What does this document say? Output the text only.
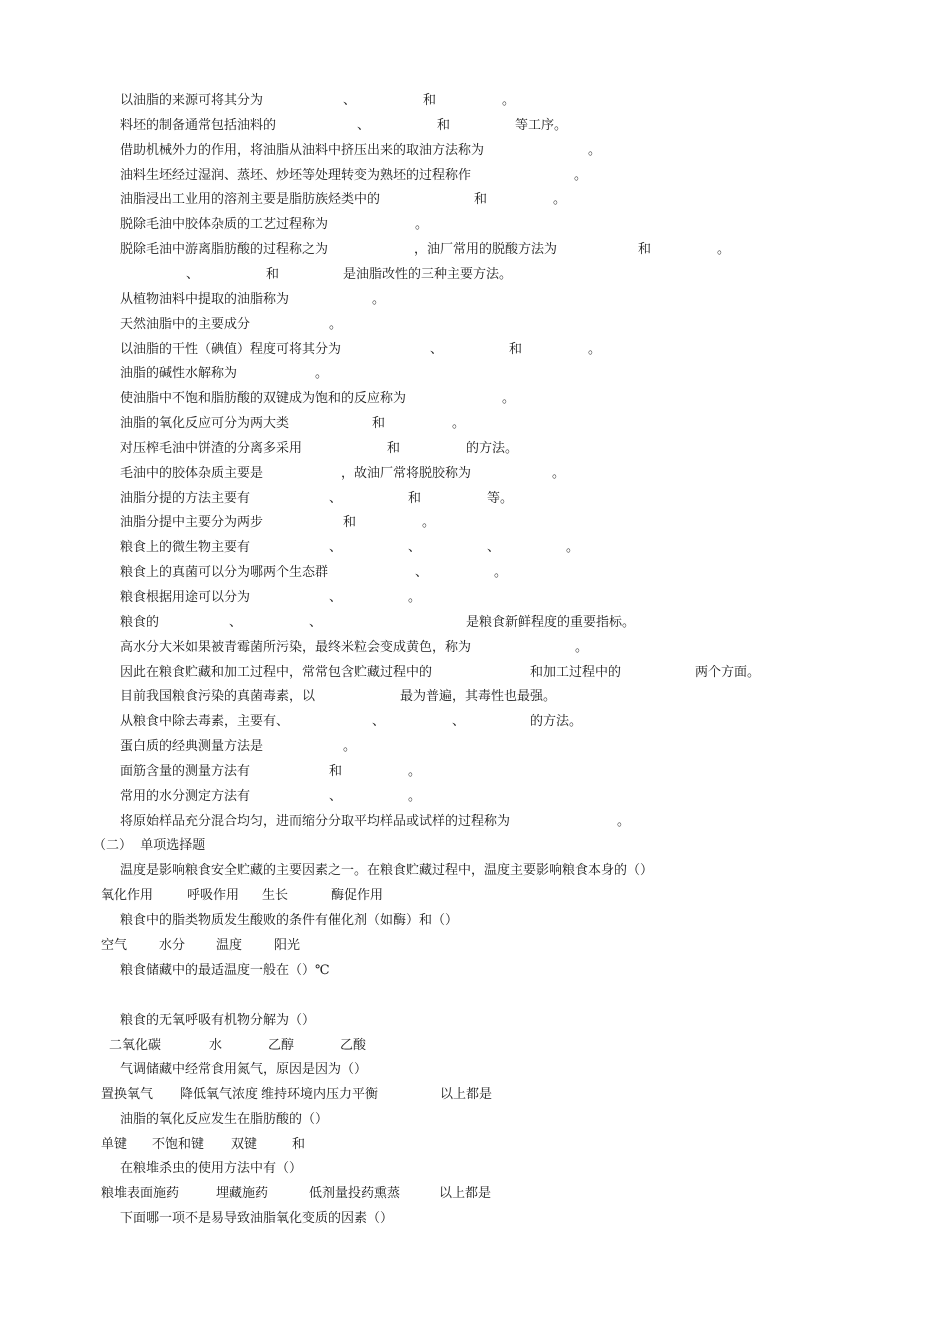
以油脂的来源可将其分为	、	和	。
料坯的制备通常包括油料的	、	和	等工序。
借助机械外力的作用，将油脂从油料中挤压出来的取油方法称为	。
油料生坯经过湿润、蒸坯、炒坯等处理转变为熟坯的过程称作	。
油脂浸出工业用的溶剂主要是脂肪族烃类中的	和	。
脱除毛油中胶体杂质的工艺过程称为	。
脱除毛油中游离脂肪酸的过程称之为	，油厂常用的脱酸方法为	和	。
、	和	是油脂改性的三种主要方法。
从植物油料中提取的油脂称为	。
天然油脂中的主要成分	。
以油脂的干性（碘值）程度可将其分为	、	和	。
油脂的碱性水解称为	。
使油脂中不饱和脂肪酸的双键成为饱和的反应称为	。
油脂的氧化反应可分为两大类	和	。
对压榨毛油中饼渣的分离多采用	和	的方法。
毛油中的胶体杂质主要是	，故油厂常将脱胶称为	。
油脂分提的方法主要有	、	和	等。
油脂分提中主要分为两步	和	。
粮食上的微生物主要有	、	、	、	。
粮食上的真菌可以分为哪两个生态群	、	。
粮食根据用途可以分为	、	。
粮食的	、	、	是粮食新鲜程度的重要指标。
高水分大米如果被青霉菌所污染，最终米粒会变成黄色，称为	。
因此在粮食贮藏和加工过程中，常常包含贮藏过程中的	和加工过程中的	两个方面。
目前我国粮食污染的真菌毒素，以	最为普遍，其毒性也最强。
从粮食中除去毒素，主要有、	、	、	的方法。
蛋白质的经典测量方法是	。
面筋含量的测量方法有	和	。
常用的水分测定方法有	、	。
将原始样品充分混合均匀，进而缩分分取平均样品或试样的过程称为	。
（二）  单项选择题
温度是影响粮食安全贮藏的主要因素之一。在粮食贮藏过程中，温度主要影响粮食本身的（）
氧化作用	呼吸作用 生长	酶促作用
粮食中的脂类物质发生酸败的条件有催化剂（如酶）和（）
空气 水分 温度 阳光
粮食储藏中的最适温度一般在（）℃
粮食的无氧呼吸有机物分解为（）
二氧化碳	水	乙醇	乙酸
气调储藏中经常食用氮气，原因是因为（）
置换氧气 降低氧气浓度 维持环境内压力平衡	以上都是
油脂的氧化反应发生在脂肪酸的（）
单键 不饱和键 双键	和
在粮堆杀虫的使用方法中有（）
粮堆表面施药	埋藏施药	低剂量投药熏蒸	以上都是
下面哪一项不是易导致油脂氧化变质的因素（）
